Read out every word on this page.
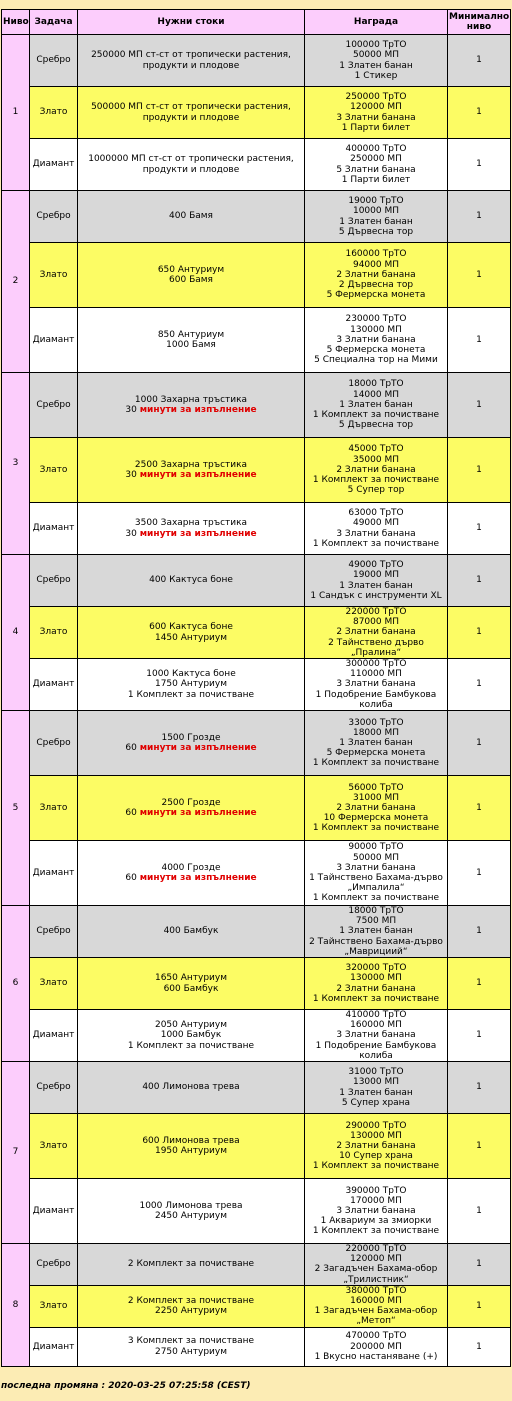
Ниво	Задача	Нужни стоки	Награда	Минимално ниво
1	Сребро	250000 МП ст-ст от тропически растения, продукти и плодове	100000 ТрТО
50000 МП
1 Златен банан
1 Стикер	1
	Злато	500000 МП ст-ст от тропически растения, продукти и плодове	250000 ТрТО
120000 МП
3 Златни банана
1 Парти билет	1
	Диамант	1000000 МП ст-ст от тропически растения, продукти и плодове	400000 ТрТО
250000 МП
5 Златни банана
1 Парти билет	1
2	Сребро	400 Бамя	19000 ТрТО
10000 МП
1 Златен банан
5 Дървесна тор	1
	Злато	650 Антуриум
600 Бамя	160000 ТрТО
94000 МП
2 Златни банана
2 Дървесна тор
5 Фермерска монета	1
	Диамант	850 Антуриум
1000 Бамя	230000 ТрТО
130000 МП
3 Златни банана
5 Фермерска монета
5 Специална тор на Мими	1
3	Сребро	1000 Захарна тръстика
30 минути за изпълнение	18000 ТрТО
14000 МП
1 Златен банан
1 Комплект за почистване
5 Дървесна тор	1
	Злато	2500 Захарна тръстика
30 минути за изпълнение	45000 ТрТО
35000 МП
2 Златни банана
1 Комплект за почистване
5 Супер тор	1
	Диамант	3500 Захарна тръстика
30 минути за изпълнение	63000 ТрТО
49000 МП
3 Златни банана
1 Комплект за почистване	1
4	Сребро	400 Кактуса боне	49000 ТрТО
19000 МП
1 Златен банан
1 Сандък с инструменти XL	1
	Злато	600 Кактуса боне
1450 Антуриум	220000 ТрТО
87000 МП
2 Златни банана
2 Тайнствено дърво „Пралина“	1
	Диамант	1000 Кактуса боне
1750 Антуриум
1 Комплект за почистване	300000 ТрТО
110000 МП
3 Златни банана
1 Подобрение Бамбукова колиба	1
5	Сребро	1500 Грозде
60 минути за изпълнение	33000 ТрТО
18000 МП
1 Златен банан
5 Фермерска монета
1 Комплект за почистване	1
	Злато	2500 Грозде
60 минути за изпълнение	56000 ТрТО
31000 МП
2 Златни банана
10 Фермерска монета
1 Комплект за почистване	1
	Диамант	4000 Грозде
60 минути за изпълнение	90000 ТрТО
50000 МП
3 Златни банана
1 Тайнствено Бахама-дърво „Импалила“
1 Комплект за почистване	1
6	Сребро	400 Бамбук	18000 ТрТО
7500 МП
1 Златен банан
2 Тайнствено Бахама-дърво „Маврициий“	1
	Злато	1650 Антуриум
600 Бамбук	320000 ТрТО
130000 МП
2 Златни банана
1 Комплект за почистване	1
	Диамант	2050 Антуриум
1000 Бамбук
1 Комплект за почистване	410000 ТрТО
160000 МП
3 Златни банана
1 Подобрение Бамбукова колиба	1
7	Сребро	400 Лимонова трева	31000 ТрТО
13000 МП
1 Златен банан
5 Супер храна	1
	Злато	600 Лимонова трева
1950 Антуриум	290000 ТрТО
130000 МП
2 Златни банана
10 Супер храна
1 Комплект за почистване	1
	Диамант	1000 Лимонова трева
2450 Антуриум	390000 ТрТО
170000 МП
3 Златни банана
1 Аквариум за змиорки
1 Комплект за почистване	1
8	Сребро	2 Комплект за почистване	220000 ТрТО
120000 МП
2 Загадъчен Бахама-обор „Трилистник“	1
	Злато	2 Комплект за почистване
2250 Антуриум	380000 ТрТО
160000 МП
1 Загадъчен Бахама-обор „Метоп“	1
	Диамант	3 Комплект за почистване
2750 Антуриум	470000 ТрТО
200000 МП
1 Вкусно настаняване (+)	1
последна промяна : 2020-03-25 07:25:58 (CEST)
